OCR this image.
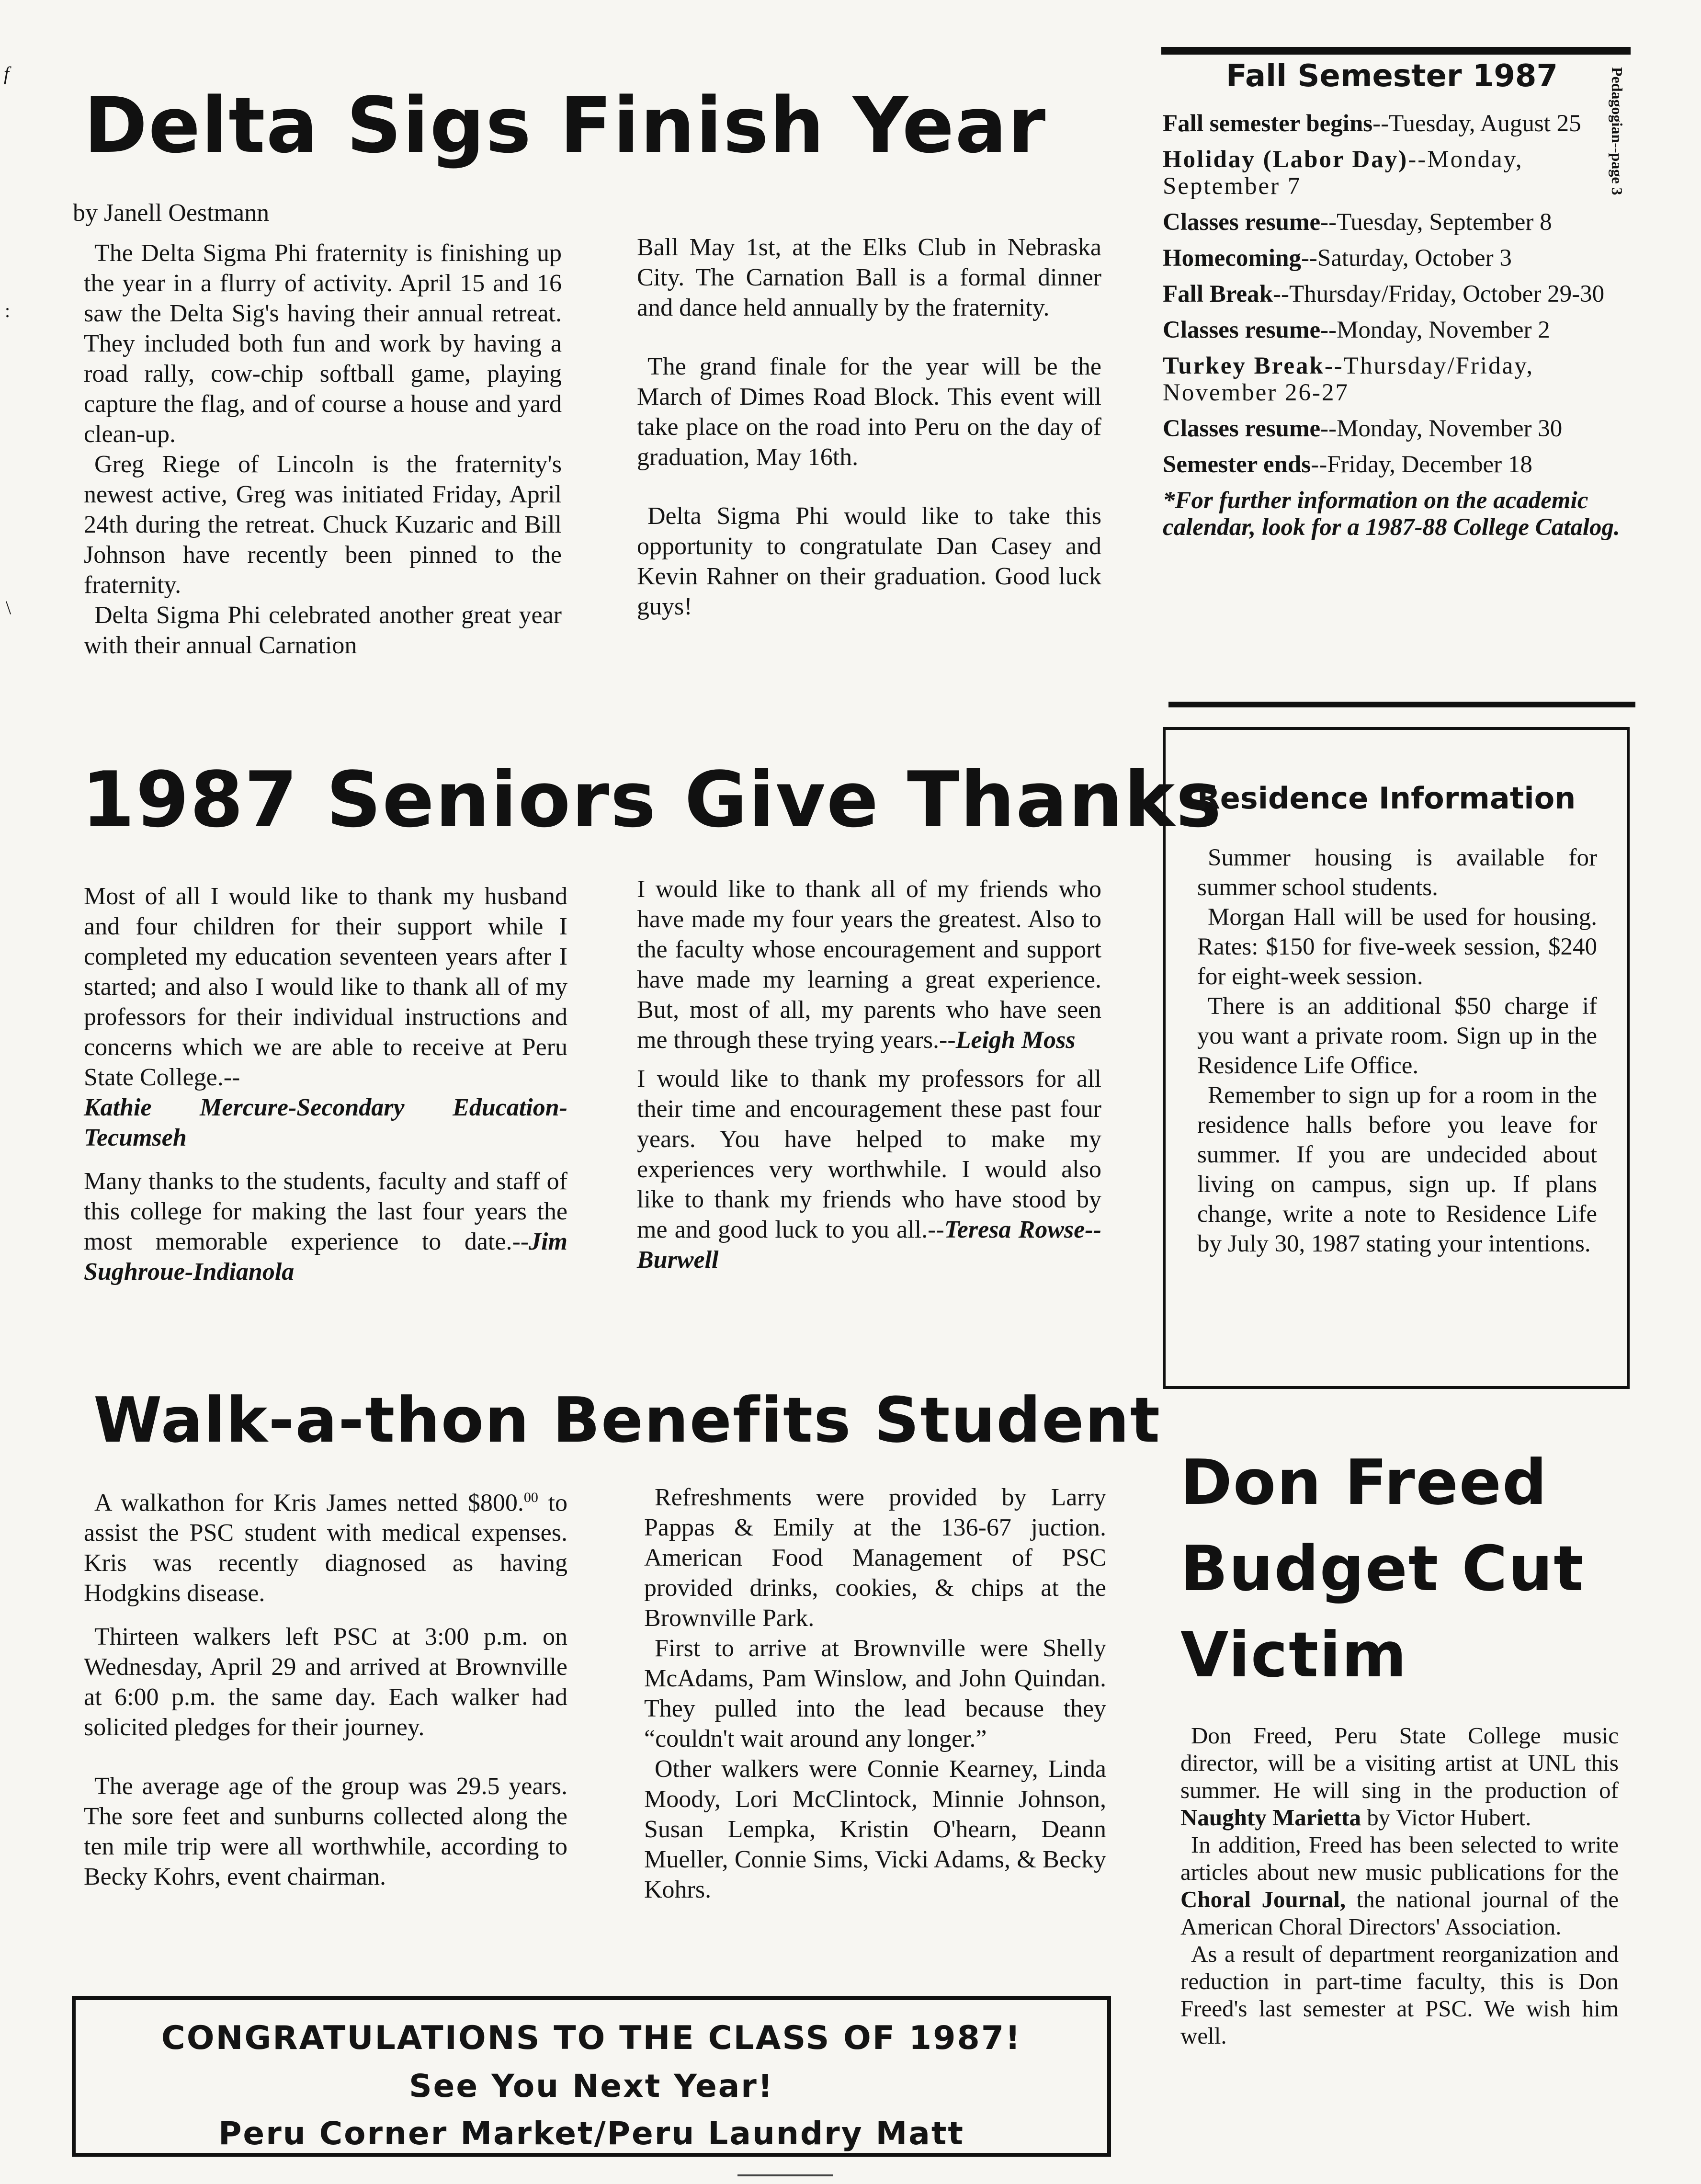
f
:
\
Pedagogian--page 3
Delta Sigs Finish Year
by Janell Oestmann

The Delta Sigma Phi fraternity is finishing up the year in a flurry of activity. April 15 and 16 saw the Delta Sig's having their annual retreat. They included both fun and work by having a road rally, cow-chip softball game, playing capture the flag, and of course a house and yard clean-up.

Greg Riege of Lincoln is the fraternity's newest active, Greg was initiated Friday, April 24th during the retreat. Chuck Kuzaric and Bill Johnson have recently been pinned to the fraternity.

Delta Sigma Phi celebrated another great year with their annual Carnation

Ball May 1st, at the Elks Club in Nebraska City. The Carnation Ball is a formal dinner and dance held annually by the fraternity.

The grand finale for the year will be the March of Dimes Road Block. This event will take place on the road into Peru on the day of graduation, May 16th.

Delta Sigma Phi would like to take this opportunity to congratulate Dan Casey and Kevin Rahner on their graduation. Good luck guys!

Fall Semester 1987
Fall semester begins--Tuesday, August 25
Holiday (Labor Day)--Monday, September 7
Classes resume--Tuesday, September 8
Homecoming--Saturday, October 3
Fall Break--Thursday/Friday, October 29-30
Classes resume--Monday, November 2
Turkey Break--Thursday/Friday, November 26-27
Classes resume--Monday, November 30
Semester ends--Friday, December 18
*For further information on the academic calendar, look for a 1987-88 College Catalog.
1987 Seniors Give Thanks

Most of all I would like to thank my husband and four children for their support while I completed my education seventeen years after I started; and also I would like to thank all of my professors for their individual instructions and concerns which we are able to receive at Peru State College.--
Kathie Mercure-Secondary Education-Tecumseh

Many thanks to the students, faculty and staff of this college for making the last four years the most memorable experience to date.--Jim Sughroue-Indianola

I would like to thank all of my friends who have made my four years the greatest. Also to the faculty whose encouragement and support have made my learning a great experience. But, most of all, my parents who have seen me through these trying years.--Leigh Moss

I would like to thank my professors for all their time and encouragement these past four years. You have helped to make my experiences very worthwhile. I would also like to thank my friends who have stood by me and good luck to you all.--Teresa Rowse--Burwell

Residence Information

Summer housing is available for summer school students.

Morgan Hall will be used for housing. Rates: $150 for five-week session, $240 for eight-week session.

There is an additional $50 charge if you want a private room. Sign up in the Residence Life Office.

Remember to sign up for a room in the residence halls before you leave for summer. If you are undecided about living on campus, sign up. If plans change, write a note to Residence Life by July 30, 1987 stating your intentions.

Walk-a-thon Benefits Student

A walkathon for Kris James netted $800.00 to assist the PSC student with medical expenses. Kris was recently diagnosed as having Hodgkins disease.

Thirteen walkers left PSC at 3:00 p.m. on Wednesday, April 29 and arrived at Brownville at 6:00 p.m. the same day. Each walker had solicited pledges for their journey.

The average age of the group was 29.5 years. The sore feet and sunburns collected along the ten mile trip were all worthwhile, according to Becky Kohrs, event chairman.

Refreshments were provided by Larry Pappas & Emily at the 136-67 juction. American Food Management of PSC provided drinks, cookies, & chips at the Brownville Park.

First to arrive at Brownville were Shelly McAdams, Pam Winslow, and John Quindan. They pulled into the lead because they “couldn't wait around any longer.”

Other walkers were Connie Kearney, Linda Moody, Lori McClintock, Minnie Johnson, Susan Lempka, Kristin O'hearn, Deann Mueller, Connie Sims, Vicki Adams, & Becky Kohrs.

CONGRATULATIONS TO THE CLASS OF 1987!
See You Next Year!
Peru Corner Market/Peru Laundry Matt
Don Freed
Budget Cut
Victim

Don Freed, Peru State College music director, will be a visiting artist at UNL this summer. He will sing in the production of Naughty Marietta by Victor Hubert.

In addition, Freed has been selected to write articles about new music publications for the Choral Journal, the national journal of the American Choral Directors' Association.

As a result of department reorganization and reduction in part-time faculty, this is Don Freed's last semester at PSC. We wish him well.
